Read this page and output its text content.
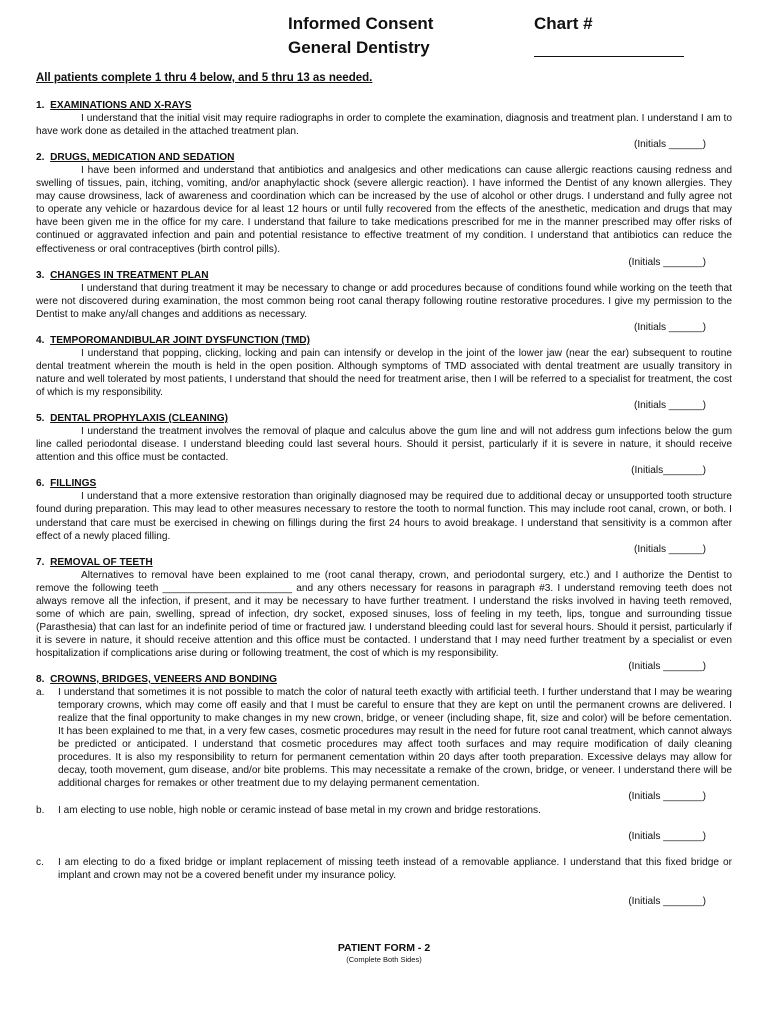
Informed Consent
General Dentistry
Chart #
All patients complete 1 thru 4 below, and 5 thru 13 as needed.
1. EXAMINATIONS AND X-RAYS
I understand that the initial visit may require radiographs in order to complete the examination, diagnosis and treatment plan. I understand I am to have work done as detailed in the attached treatment plan.
(Initials ______)
2. DRUGS, MEDICATION AND SEDATION
I have been informed and understand that antibiotics and analgesics and other medications can cause allergic reactions causing redness and swelling of tissues, pain, itching, vomiting, and/or anaphylactic shock (severe allergic reaction). I have informed the Dentist of any known allergies. They may cause drowsiness, lack of awareness and coordination which can be increased by the use of alcohol or other drugs. I understand and fully agree not to operate any vehicle or hazardous device for al least 12 hours or until fully recovered from the effects of the anesthetic, medication and drugs that may have been given me in the office for my care. I understand that failure to take medications prescribed for me in the manner prescribed may offer risks of continued or aggravated infection and pain and potential resistance to effective treatment of my condition. I understand that antibiotics can reduce the effectiveness or oral contraceptives (birth control pills).
(Initials _______)
3. CHANGES IN TREATMENT PLAN
I understand that during treatment it may be necessary to change or add procedures because of conditions found while working on the teeth that were not discovered during examination, the most common being root canal therapy following routine restorative procedures. I give my permission to the Dentist to make any/all changes and additions as necessary.
(Initials ______)
4. TEMPOROMANDIBULAR JOINT DYSFUNCTION (TMD)
I understand that popping, clicking, locking and pain can intensify or develop in the joint of the lower jaw (near the ear) subsequent to routine dental treatment wherein the mouth is held in the open position. Although symptoms of TMD associated with dental treatment are usually transitory in nature and well tolerated by most patients, I understand that should the need for treatment arise, then I will be referred to a specialist for treatment, the cost of which is my responsibility.
(Initials ______)
5. DENTAL PROPHYLAXIS (CLEANING)
I understand the treatment involves the removal of plaque and calculus above the gum line and will not address gum infections below the gum line called periodontal disease. I understand bleeding could last several hours. Should it persist, particularly if it is severe in nature, it should receive attention and this office must be contacted.
(Initials_______)
6. FILLINGS
I understand that a more extensive restoration than originally diagnosed may be required due to additional decay or unsupported tooth structure found during preparation. This may lead to other measures necessary to restore the tooth to normal function. This may include root canal, crown, or both. I understand that care must be exercised in chewing on fillings during the first 24 hours to avoid breakage. I understand that sensitivity is a common after effect of a newly placed filling.
(Initials ______)
7. REMOVAL OF TEETH
Alternatives to removal have been explained to me (root canal therapy, crown, and periodontal surgery, etc.) and I authorize the Dentist to remove the following teeth _______________________ and any others necessary for reasons in paragraph #3. I understand removing teeth does not always remove all the infection, if present, and it may be necessary to have further treatment. I understand the risks involved in having teeth removed, some of which are pain, swelling, spread of infection, dry socket, exposed sinuses, loss of feeling in my teeth, lips, tongue and surrounding tissue (Parasthesia) that can last for an indefinite period of time or fractured jaw. I understand bleeding could last for several hours. Should it persist, particularly if it is severe in nature, it should receive attention and this office must be contacted. I understand that I may need further treatment by a specialist or even hospitalization if complications arise during or following treatment, the cost of which is my responsibility.
(Initials _______)
8. CROWNS, BRIDGES, VENEERS AND BONDING
a.	I understand that sometimes it is not possible to match the color of natural teeth exactly with artificial teeth. I further understand that I may be wearing temporary crowns, which may come off easily and that I must be careful to ensure that they are kept on until the permanent crowns are delivered. I realize that the final opportunity to make changes in my new crown, bridge, or veneer (including shape, fit, size and color) will be before cementation. It has been explained to me that, in a very few cases, cosmetic procedures may result in the need for future root canal treatment, which cannot always be predicted or anticipated. I understand that cosmetic procedures may affect tooth surfaces and may require modification of daily cleaning procedures. It is also my responsibility to return for permanent cementation within 20 days after tooth preparation. Excessive delays may allow for decay, tooth movement, gum disease, and/or bite problems. This may necessitate a remake of the crown, bridge, or veneer. I understand there will be additional charges for remakes or other treatment due to my delaying permanent cementation.
(Initials _______)
b.	I am electing to use noble, high noble or ceramic instead of base metal in my crown and bridge restorations.
(Initials _______)
c.	I am electing to do a fixed bridge or implant replacement of missing teeth instead of a removable appliance. I understand that this fixed bridge or implant and crown may not be a covered benefit under my insurance policy.
(Initials _______)
PATIENT FORM - 2
(Complete Both Sides)
